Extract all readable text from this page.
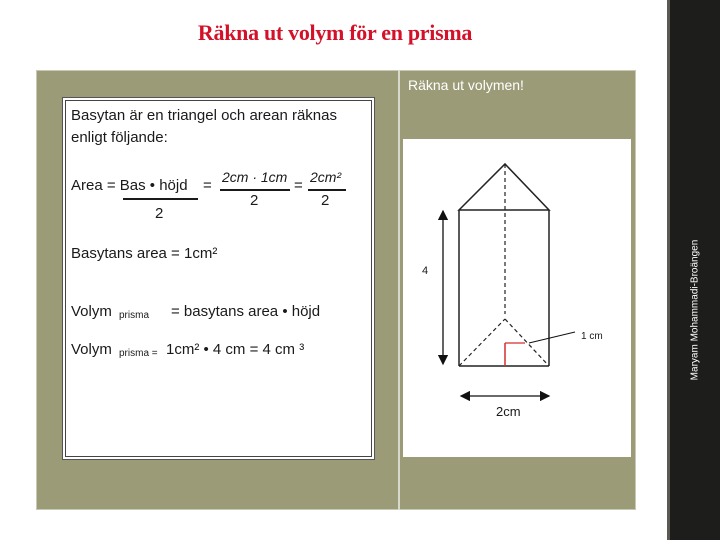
Räkna ut volym för en prisma
Maryam Mohammadi-Broängen
Räkna ut volymen!
Basytan är en triangel och arean räknas
enligt följande:
Area = Bas • höjd
2
= 2cm · 1cm
2
= 2cm²
2
Basytans area = 1cm²
Volym prisma = basytans area • höjd
Volym prisma = 1cm² • 4 cm = 4 cm ³
4
1 cm
2cm
